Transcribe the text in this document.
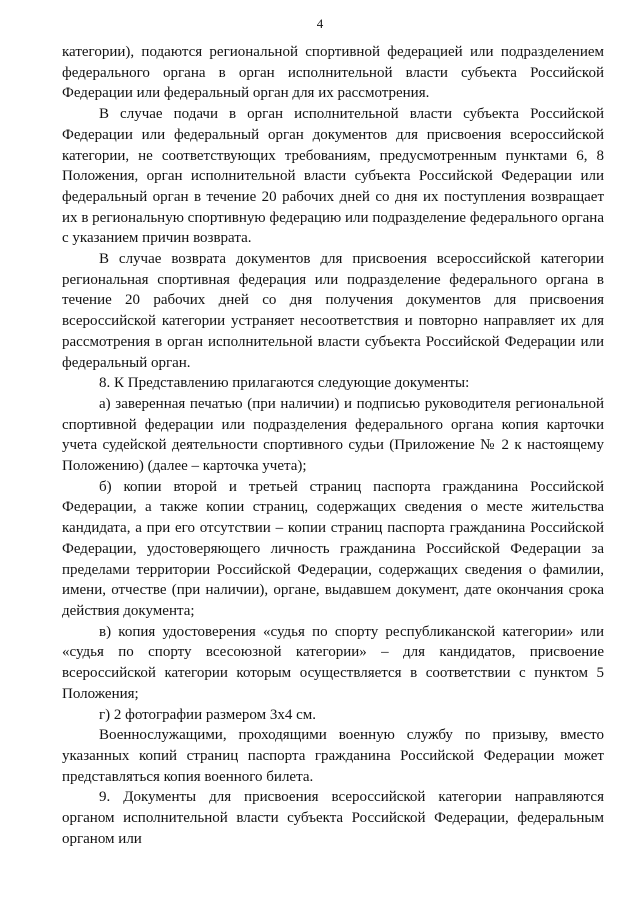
4

категории), подаются региональной спортивной федерацией или подразделением федерального органа в орган исполнительной власти субъекта Российской Федерации или федеральный орган для их рассмотрения.

В случае подачи в орган исполнительной власти субъекта Российской Федерации или федеральный орган документов для присвоения всероссийской категории, не соответствующих требованиям, предусмотренным пунктами 6, 8 Положения, орган исполнительной власти субъекта Российской Федерации или федеральный орган в течение 20 рабочих дней со дня их поступления возвращает их в региональную спортивную федерацию или подразделение федерального органа с указанием причин возврата.

В случае возврата документов для присвоения всероссийской категории региональная спортивная федерация или подразделение федерального органа в течение 20 рабочих дней со дня получения документов для присвоения всероссийской категории устраняет несоответствия и повторно направляет их для рассмотрения в орган исполнительной власти субъекта Российской Федерации или федеральный орган.

8. К Представлению прилагаются следующие документы:

а) заверенная печатью (при наличии) и подписью руководителя региональной спортивной федерации или подразделения федерального органа копия карточки учета судейской деятельности спортивного судьи (Приложение № 2 к настоящему Положению) (далее – карточка учета);

б) копии второй и третьей страниц паспорта гражданина Российской Федерации, а также копии страниц, содержащих сведения о месте жительства кандидата, а при его отсутствии – копии страниц паспорта гражданина Российской Федерации, удостоверяющего личность гражданина Российской Федерации за пределами территории Российской Федерации, содержащих сведения о фамилии, имени, отчестве (при наличии), органе, выдавшем документ, дате окончания срока действия документа;

в) копия удостоверения «судья по спорту республиканской категории» или «судья по спорту всесоюзной категории» – для кандидатов, присвоение всероссийской категории которым осуществляется в соответствии с пунктом 5 Положения;

г) 2 фотографии размером 3х4 см.

Военнослужащими, проходящими военную службу по призыву, вместо указанных копий страниц паспорта гражданина Российской Федерации может представляться копия военного билета.

9. Документы для присвоения всероссийской категории направляются органом исполнительной власти субъекта Российской Федерации, федеральным органом или
